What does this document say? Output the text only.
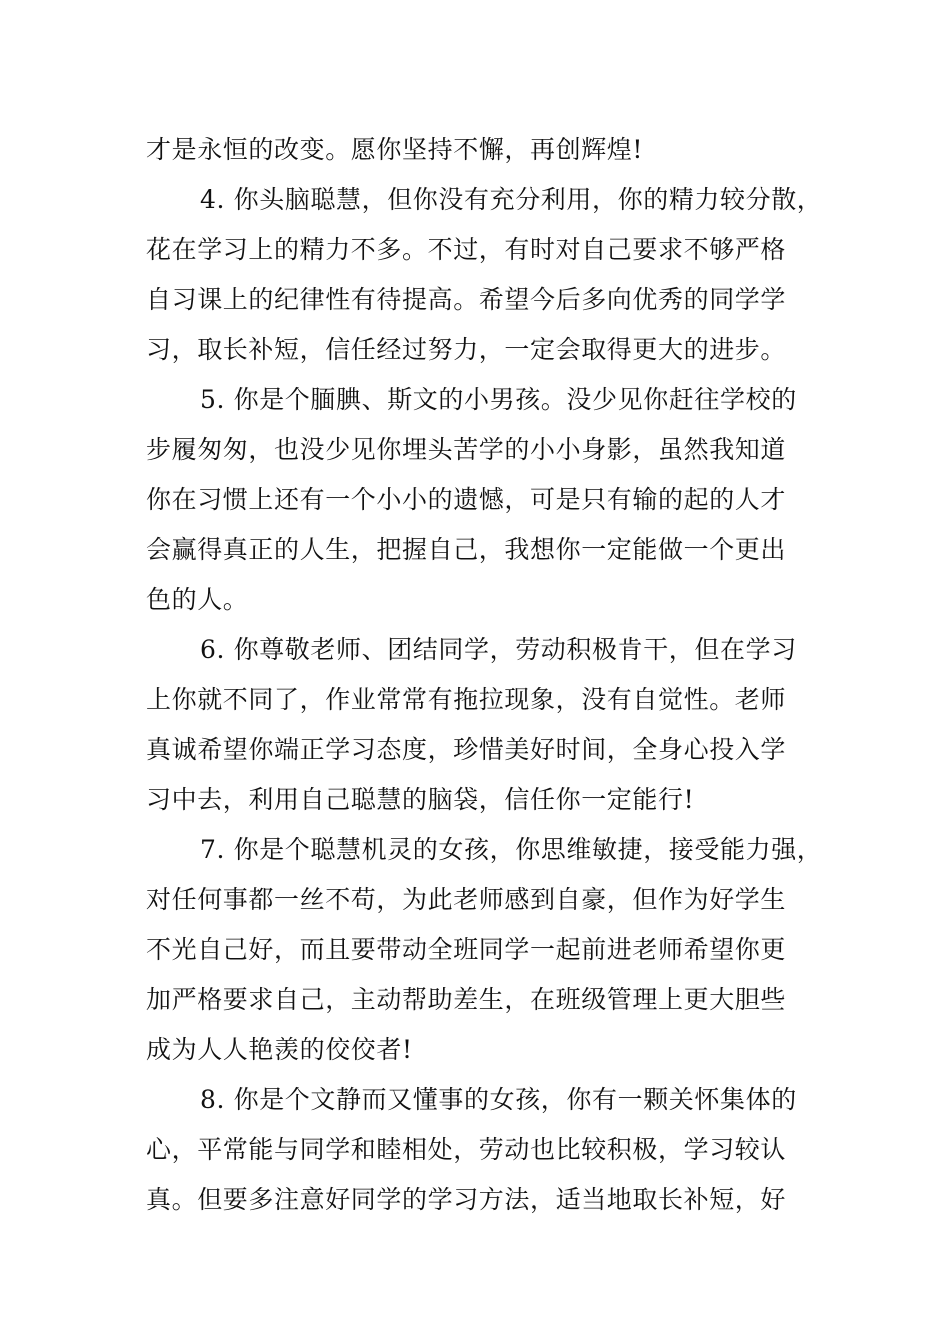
才是永恒的改变。愿你坚持不懈，再创辉煌!
4. 你头脑聪慧，但你没有充分利用，你的精力较分散，
花在学习上的精力不多。不过，有时对自己要求不够严格
自习课上的纪律性有待提高。希望今后多向优秀的同学学
习，取长补短，信任经过努力，一定会取得更大的进步。
5. 你是个腼腆、斯文的小男孩。没少见你赶往学校的
步履匆匆，也没少见你埋头苦学的小小身影，虽然我知道
你在习惯上还有一个小小的遗憾，可是只有输的起的人才
会赢得真正的人生，把握自己，我想你一定能做一个更出
色的人。
6. 你尊敬老师、团结同学，劳动积极肯干，但在学习
上你就不同了，作业常常有拖拉现象，没有自觉性。老师
真诚希望你端正学习态度，珍惜美好时间，全身心投入学
习中去，利用自己聪慧的脑袋，信任你一定能行!
7. 你是个聪慧机灵的女孩，你思维敏捷，接受能力强，
对任何事都一丝不苟，为此老师感到自豪，但作为好学生
不光自己好，而且要带动全班同学一起前进老师希望你更
加严格要求自己，主动帮助差生，在班级管理上更大胆些
成为人人艳羡的佼佼者!
8. 你是个文静而又懂事的女孩，你有一颗关怀集体的
心，平常能与同学和睦相处，劳动也比较积极，学习较认
真。但要多注意好同学的学习方法，适当地取长补短，好
